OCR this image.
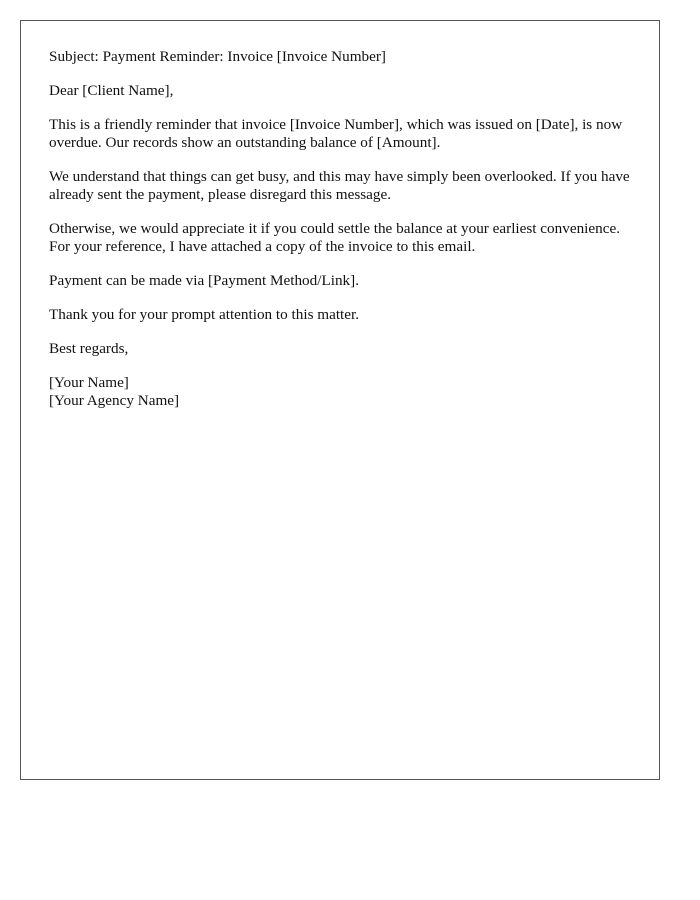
Subject: Payment Reminder: Invoice [Invoice Number]

Dear [Client Name],

This is a friendly reminder that invoice [Invoice Number], which was issued on [Date], is now overdue. Our records show an outstanding balance of [Amount].

We understand that things can get busy, and this may have simply been overlooked. If you have already sent the payment, please disregard this message.

Otherwise, we would appreciate it if you could settle the balance at your earliest convenience. For your reference, I have attached a copy of the invoice to this email.

Payment can be made via [Payment Method/Link].

Thank you for your prompt attention to this matter.

Best regards,

[Your Name]

[Your Agency Name]
